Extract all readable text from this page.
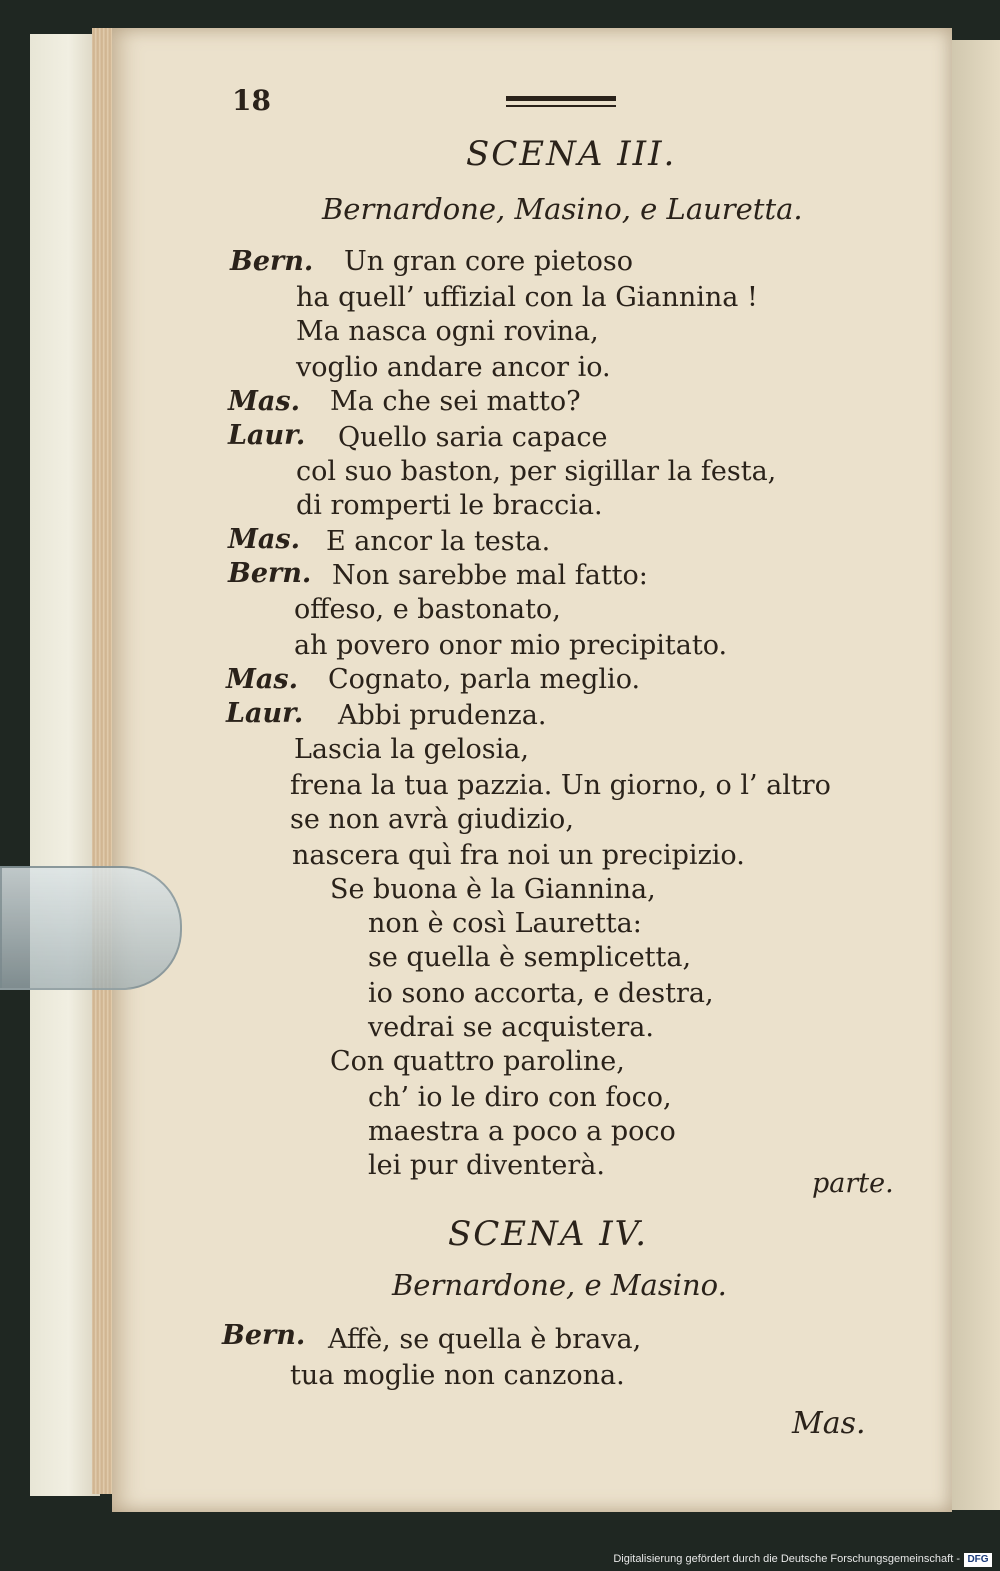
18
SCENA III.
Bernardone, Masino, e Lauretta.
Bern. Un gran core pietoso
ha quell’ uffizial con la Giannina !
Ma nasca ogni rovina,
voglio andare ancor io.
Mas. Ma che sei matto?
Laur. Quello saria capace
col suo baston, per sigillar la festa,
di romperti le braccia.
Mas. E ancor la testa.
Bern. Non sarebbe mal fatto:
offeso, e bastonato,
ah povero onor mio precipitato.
Mas. Cognato, parla meglio.
Laur. Abbi prudenza.
Lascia la gelosia,
frena la tua pazzia. Un giorno, o l’ altro
se non avrà giudizio,
nascera quì fra noi un precipizio.
Se buona è la Giannina,
non è così Lauretta:
se quella è semplicetta,
io sono accorta, e destra,
vedrai se acquistera.
Con quattro paroline,
ch’ io le diro con foco,
maestra a poco a poco
lei pur diventerà.
parte.
SCENA IV.
Bernardone, e Masino.
Bern. Affè, se quella è brava,
tua moglie non canzona.
Mas.
Digitalisierung gefördert durch die Deutsche Forschungsgemeinschaft - DFG
